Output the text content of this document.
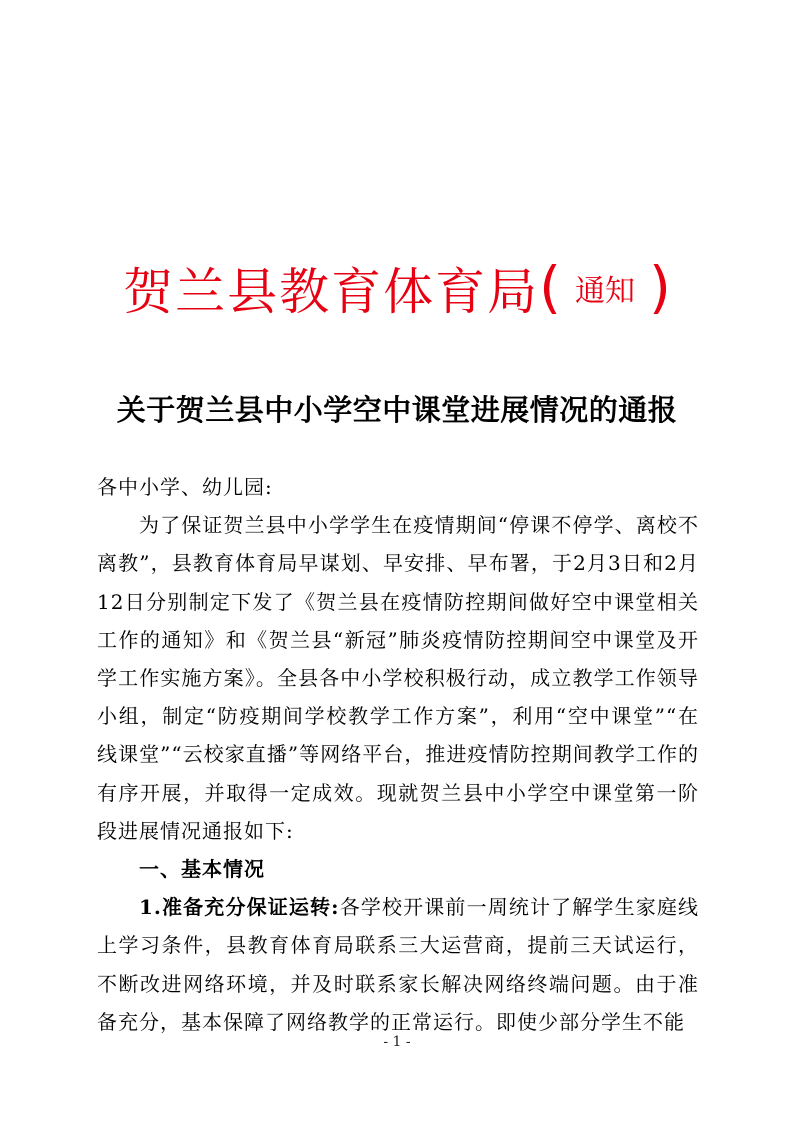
贺兰县教育体育局( 通知 )
关于贺兰县中小学空中课堂进展情况的通报

各中小学、幼儿园:

为了保证贺兰县中小学学生在疫情期间“停课不停学、离校不离教”，县教育体育局早谋划、早安排、早布署，于2月3日和2月12日分别制定下发了《贺兰县在疫情防控期间做好空中课堂相关工作的通知》和《贺兰县“新冠”肺炎疫情防控期间空中课堂及开学工作实施方案》。全县各中小学校积极行动，成立教学工作领导小组，制定“防疫期间学校教学工作方案”，利用“空中课堂”“在线课堂”“云校家直播”等网络平台，推进疫情防控期间教学工作的有序开展，并取得一定成效。现就贺兰县中小学空中课堂第一阶段进展情况通报如下:

一、基本情况

1.准备充分保证运转:各学校开课前一周统计了解学生家庭线上学习条件，县教育体育局联系三大运营商，提前三天试运行，不断改进网络环境，并及时联系家长解决网络终端问题。由于准备充分，基本保障了网络教学的正常运行。即使少部分学生不能

- 1 -
